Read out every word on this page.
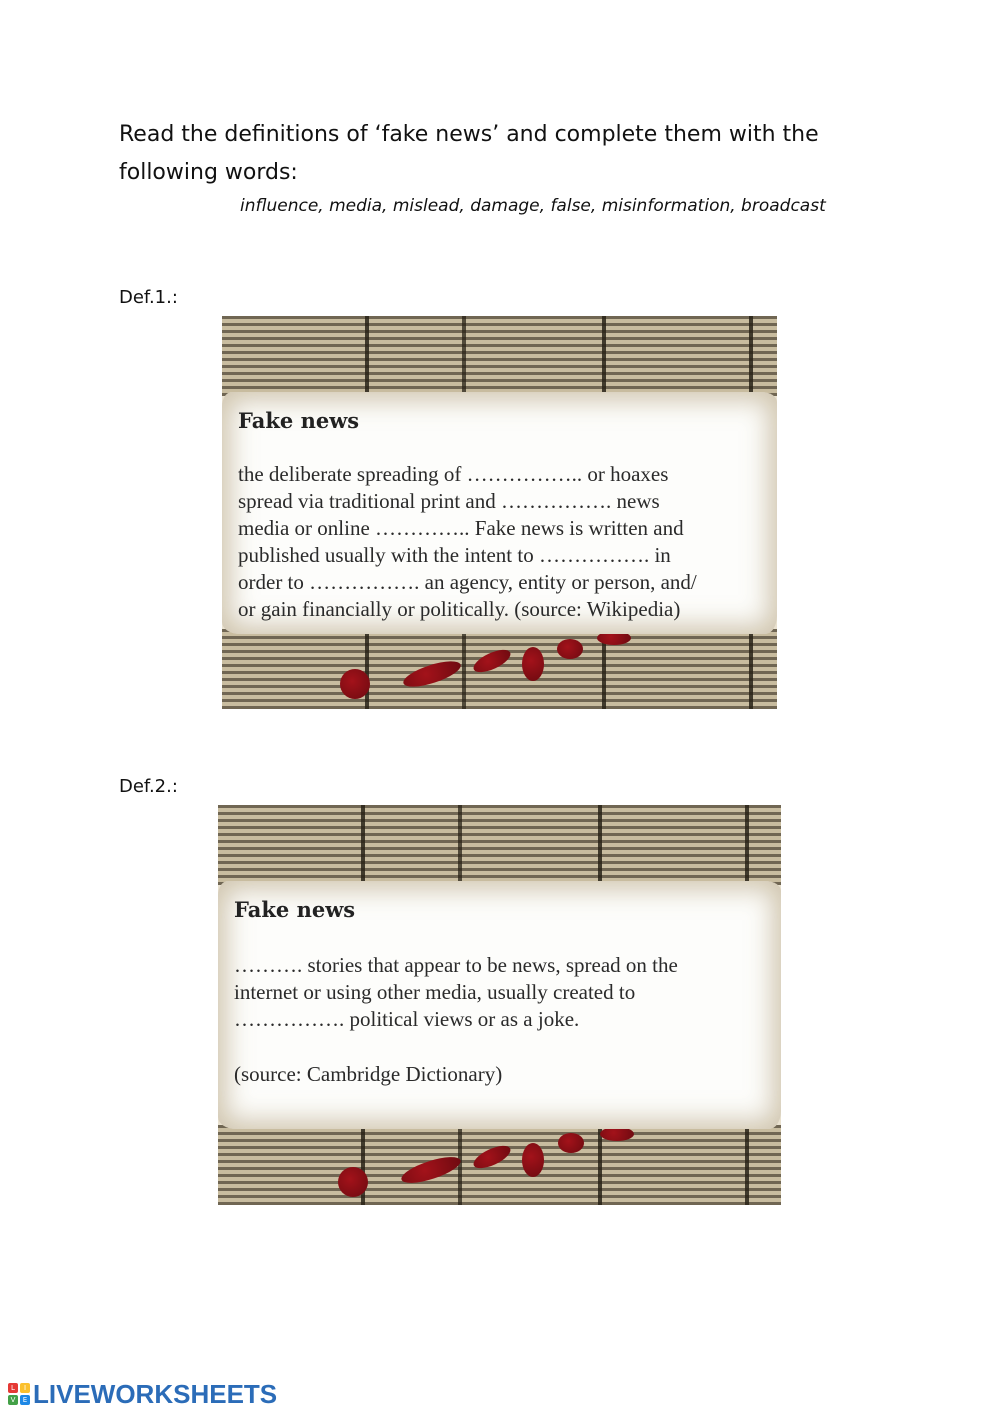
Read the definitions of ‘fake news’ and complete them with the
following words:
influence, media, mislead, damage, false, misinformation, broadcast
Def.1.:
Fake news
the deliberate spreading of …………….. or hoaxes
spread via traditional print and ……………. news
media or online ………….. Fake news is written and
published usually with the intent to ……………. in
order to ……………. an agency, entity or person, and/
or gain financially or politically. (source: Wikipedia)
Def.2.:
Fake news
………. stories that appear to be news, spread on the
internet or using other media, usually created to
……………. political views or as a joke.
(source: Cambridge Dictionary)
L	I
V	E LIVEWORKSHEETS
